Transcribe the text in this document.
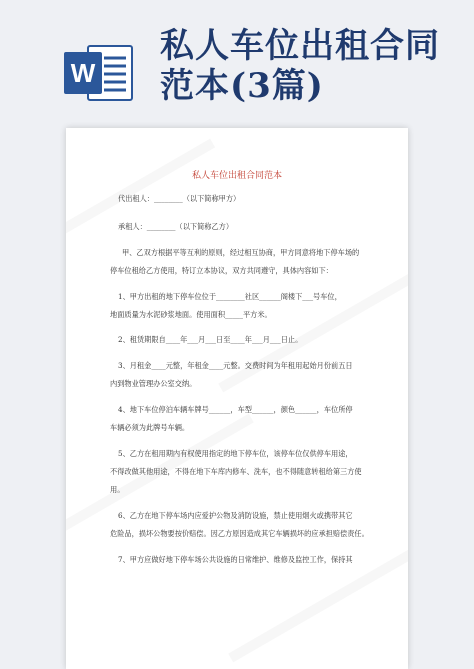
W
私人车位出租合同
范本(3篇)
私人车位出租合同范本
代出租人：________（以下简称甲方）
承租人：________（以下简称乙方）
甲、乙双方根据平等互利的原则，经过相互协商，甲方同意将地下停车场的
停车位租给乙方使用，特订立本协议，双方共同遵守，具体内容如下：
1、甲方出租的地下停车位位于________社区______阁楼下___号车位，
地面质量为水泥砂浆地面。使用面积_____平方米。
2、租赁期限自____年___月___日至____年___月___日止。
3、月租金____元整，年租金____元整。交费时间为年租用起始月份前五日
内到物业管理办公室交纳。
4、地下车位停泊车辆车牌号______，车型______，颜色______，车位所停
车辆必须为此牌号车辆。
5、乙方在租用期内有权使用指定的地下停车位，该停车位仅供停车用途，
不得改做其他用途，不得在地下车库内修车、洗车，也不得随意转租给第三方使
用。
6、乙方在地下停车场内应爱护公物及消防设施，禁止使用烟火或携带其它
危险品，损坏公物要按价赔偿。因乙方原因造成其它车辆损坏的应承担赔偿责任。
7、甲方应做好地下停车场公共设施的日常维护、维修及监控工作，保持其
